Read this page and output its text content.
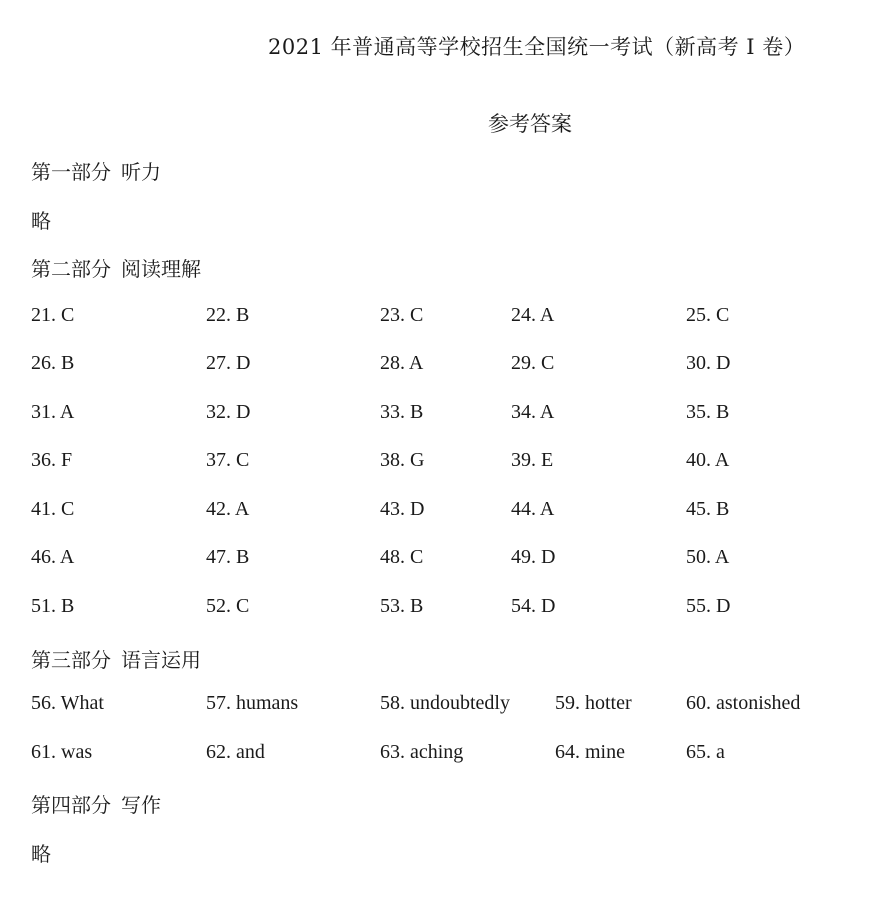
2021 年普通高等学校招生全国统一考试（新高考 I 卷）
参考答案
第一部分 听力
略
第二部分 阅读理解
21. C	22. B	23. C	24. A	25. C
26. B	27. D	28. A	29. C	30. D
31. A	32. D	33. B	34. A	35. B
36. F	37. C	38. G	39. E	40. A
41. C	42. A	43. D	44. A	45. B
46. A	47. B	48. C	49. D	50. A
51. B	52. C	53. B	54. D	55. D
第三部分 语言运用
56. What	57. humans	58. undoubtedly 59. hotter	60. astonished
61. was	62. and	63. aching	64. mine	65. a
第四部分 写作
略
